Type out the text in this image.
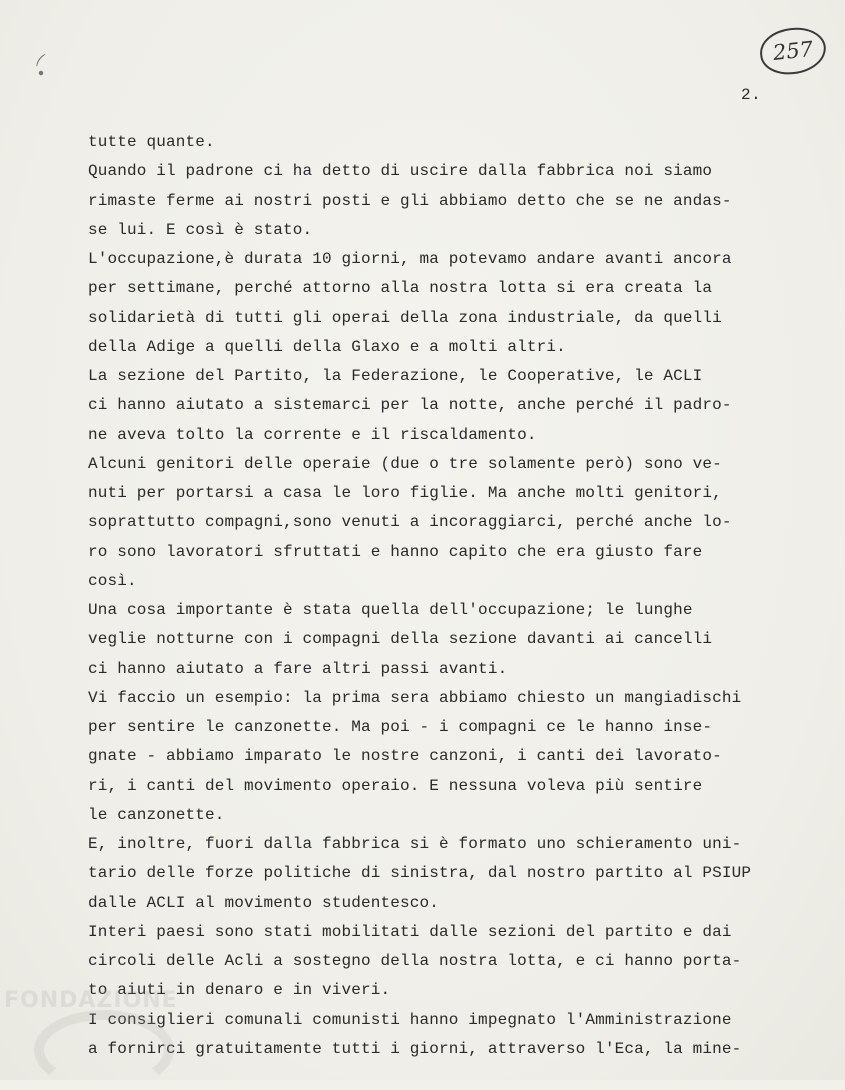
∙⁀
257
2.
tutte quante.
Quando il padrone ci ha detto di uscire dalla fabbrica noi siamo
rimaste ferme ai nostri posti e gli abbiamo detto che se ne andas-
se lui. E così è stato.
L'occupazione,è durata 10 giorni, ma potevamo andare avanti ancora
per settimane, perché attorno alla nostra lotta si era creata la
solidarietà di tutti gli operai della zona industriale, da quelli
della Adige a quelli della Glaxo e a molti altri.
La sezione del Partito, la Federazione, le Cooperative, le ACLI
ci hanno aiutato a sistemarci per la notte, anche perché il padro-
ne aveva tolto la corrente e il riscaldamento.
Alcuni genitori delle operaie (due o tre solamente però) sono ve-
nuti per portarsi a casa le loro figlie. Ma anche molti genitori,
soprattutto compagni,sono venuti a incoraggiarci, perché anche lo-
ro sono lavoratori sfruttati e hanno capito che era giusto fare
così.
Una cosa importante è stata quella dell'occupazione; le lunghe
veglie notturne con i compagni della sezione davanti ai cancelli
ci hanno aiutato a fare altri passi avanti.
Vi faccio un esempio: la prima sera abbiamo chiesto un mangiadischi
per sentire le canzonette. Ma poi - i compagni ce le hanno inse-
gnate - abbiamo imparato le nostre canzoni, i canti dei lavorato-
ri, i canti del movimento operaio. E nessuna voleva più sentire
le canzonette.
E, inoltre, fuori dalla fabbrica si è formato uno schieramento uni-
tario delle forze politiche di sinistra, dal nostro partito al PSIUP
dalle ACLI al movimento studentesco.
Interi paesi sono stati mobilitati dalle sezioni del partito e dai
circoli delle Acli a sostegno della nostra lotta, e ci hanno porta-
to aiuti in denaro e in viveri.
I consiglieri comunali comunisti hanno impegnato l'Amministrazione
a fornirci gratuitamente tutti i giorni, attraverso l'Eca, la mine-
FONDAZIONE
